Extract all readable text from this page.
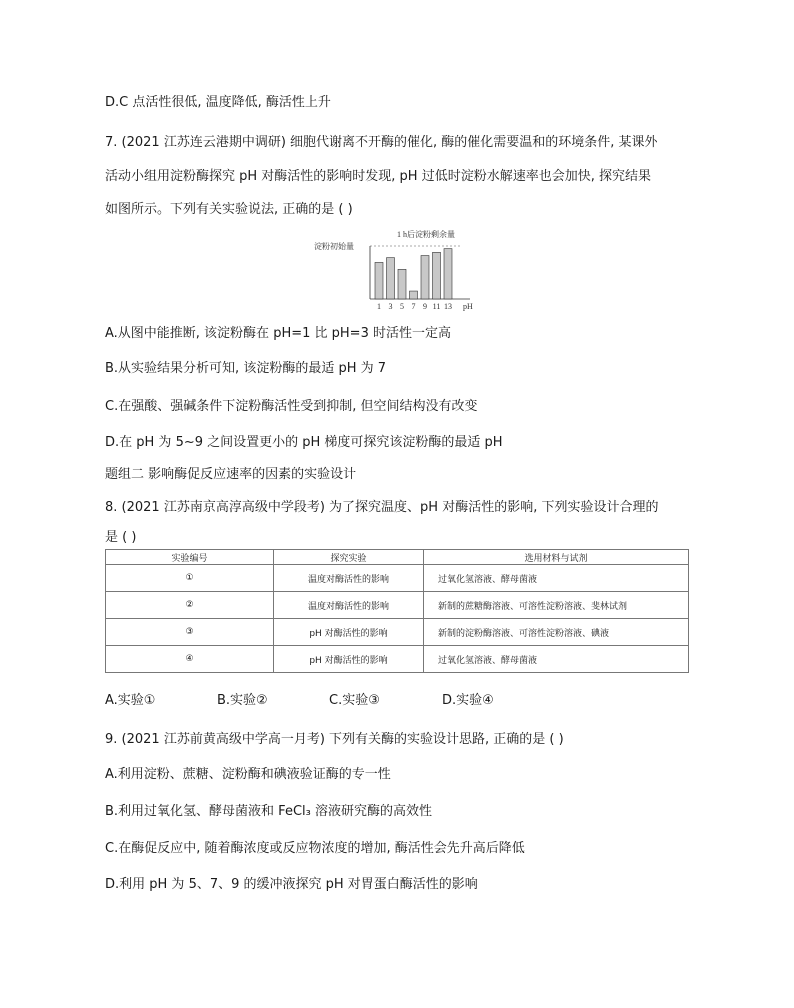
D.C 点活性很低, 温度降低, 酶活性上升
7. (2021 江苏连云港期中调研) 细胞代谢离不开酶的催化, 酶的催化需要温和的环境条件, 某课外
活动小组用淀粉酶探究 pH 对酶活性的影响时发现, pH 过低时淀粉水解速率也会加快, 探究结果
如图所示。下列有关实验说法, 正确的是 ( )
淀粉初始量
1 h后淀粉剩余量
1 3 5 7 9 11 13 pH
A.从图中能推断, 该淀粉酶在 pH=1 比 pH=3 时活性一定高
B.从实验结果分析可知, 该淀粉酶的最适 pH 为 7
C.在强酸、强碱条件下淀粉酶活性受到抑制, 但空间结构没有改变
D.在 pH 为 5~9 之间设置更小的 pH 梯度可探究该淀粉酶的最适 pH
题组二 影响酶促反应速率的因素的实验设计
8. (2021 江苏南京高淳高级中学段考) 为了探究温度、pH 对酶活性的影响, 下列实验设计合理的
是 ( )
实验编号	探究实验	选用材料与试剂
①	温度对酶活性的影响	过氧化氢溶液、酵母菌液
②	温度对酶活性的影响	新制的蔗糖酶溶液、可溶性淀粉溶液、斐林试剂
③	pH 对酶活性的影响	新制的淀粉酶溶液、可溶性淀粉溶液、碘液
④	pH 对酶活性的影响	过氧化氢溶液、酵母菌液
A.实验①	B.实验②	C.实验③	D.实验④
9. (2021 江苏前黄高级中学高一月考) 下列有关酶的实验设计思路, 正确的是 ( )
A.利用淀粉、蔗糖、淀粉酶和碘液验证酶的专一性
B.利用过氧化氢、酵母菌液和 FeCl₃ 溶液研究酶的高效性
C.在酶促反应中, 随着酶浓度或反应物浓度的增加, 酶活性会先升高后降低
D.利用 pH 为 5、7、9 的缓冲液探究 pH 对胃蛋白酶活性的影响
